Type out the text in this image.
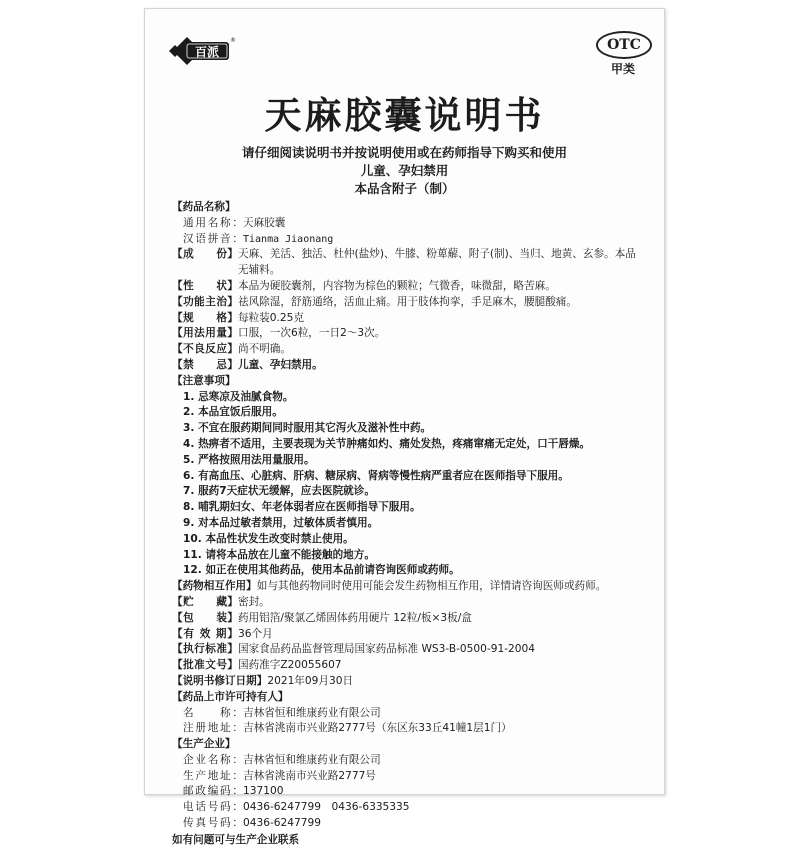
百派
®	OTC
甲类
天麻胶囊说明书
请仔细阅读说明书并按说明使用或在药师指导下购买和使用
儿童、孕妇禁用
本品含附子（制）
【药品名称】
通用名称： 天麻胶囊
汉语拼音： Tianma Jiaonang
【成　　份】 天麻、羌活、独活、杜仲(盐炒)、牛膝、粉萆薢、附子(制)、当归、地黄、玄参。本品无辅料。
【性　　状】 本品为硬胶囊剂，内容物为棕色的颗粒；气微香，味微甜，略苦麻。
【功能主治】 祛风除湿，舒筋通络，活血止痛。用于肢体拘挛，手足麻木，腰腿酸痛。
【规　　格】 每粒装0.25克
【用法用量】 口服，一次6粒，一日2～3次。
【不良反应】 尚不明确。
【禁　　忌】 儿童、孕妇禁用。
【注意事项】
1. 忌寒凉及油腻食物。
2. 本品宜饭后服用。
3. 不宜在服药期间同时服用其它泻火及滋补性中药。
4. 热痹者不适用，主要表现为关节肿痛如灼、痛处发热，疼痛窜痛无定处，口干唇燥。
5. 严格按照用法用量服用。
6. 有高血压、心脏病、肝病、糖尿病、肾病等慢性病严重者应在医师指导下服用。
7. 服药7天症状无缓解，应去医院就诊。
8. 哺乳期妇女、年老体弱者应在医师指导下服用。
9. 对本品过敏者禁用，过敏体质者慎用。
10. 本品性状发生改变时禁止使用。
11. 请将本品放在儿童不能接触的地方。
12. 如正在使用其他药品，使用本品前请咨询医师或药师。
【药物相互作用】 如与其他药物同时使用可能会发生药物相互作用，详情请咨询医师或药师。
【贮　　藏】 密封。
【包　　装】 药用铝箔/聚氯乙烯固体药用硬片 12粒/板×3板/盒
【有 效 期】 36个月
【执行标准】 国家食品药品监督管理局国家药品标准 WS3-B-0500-91-2004
【批准文号】 国药准字Z20055607
【说明书修订日期】 2021年09月30日
【药品上市许可持有人】
名　　称： 吉林省恒和维康药业有限公司
注册地址： 吉林省洮南市兴业路2777号（东区东33丘41幢1层1门）
【生产企业】
企业名称： 吉林省恒和维康药业有限公司
生产地址： 吉林省洮南市兴业路2777号
邮政编码： 137100
电话号码： 0436-6247799　0436-6335335
传真号码： 0436-6247799
如有问题可与生产企业联系
